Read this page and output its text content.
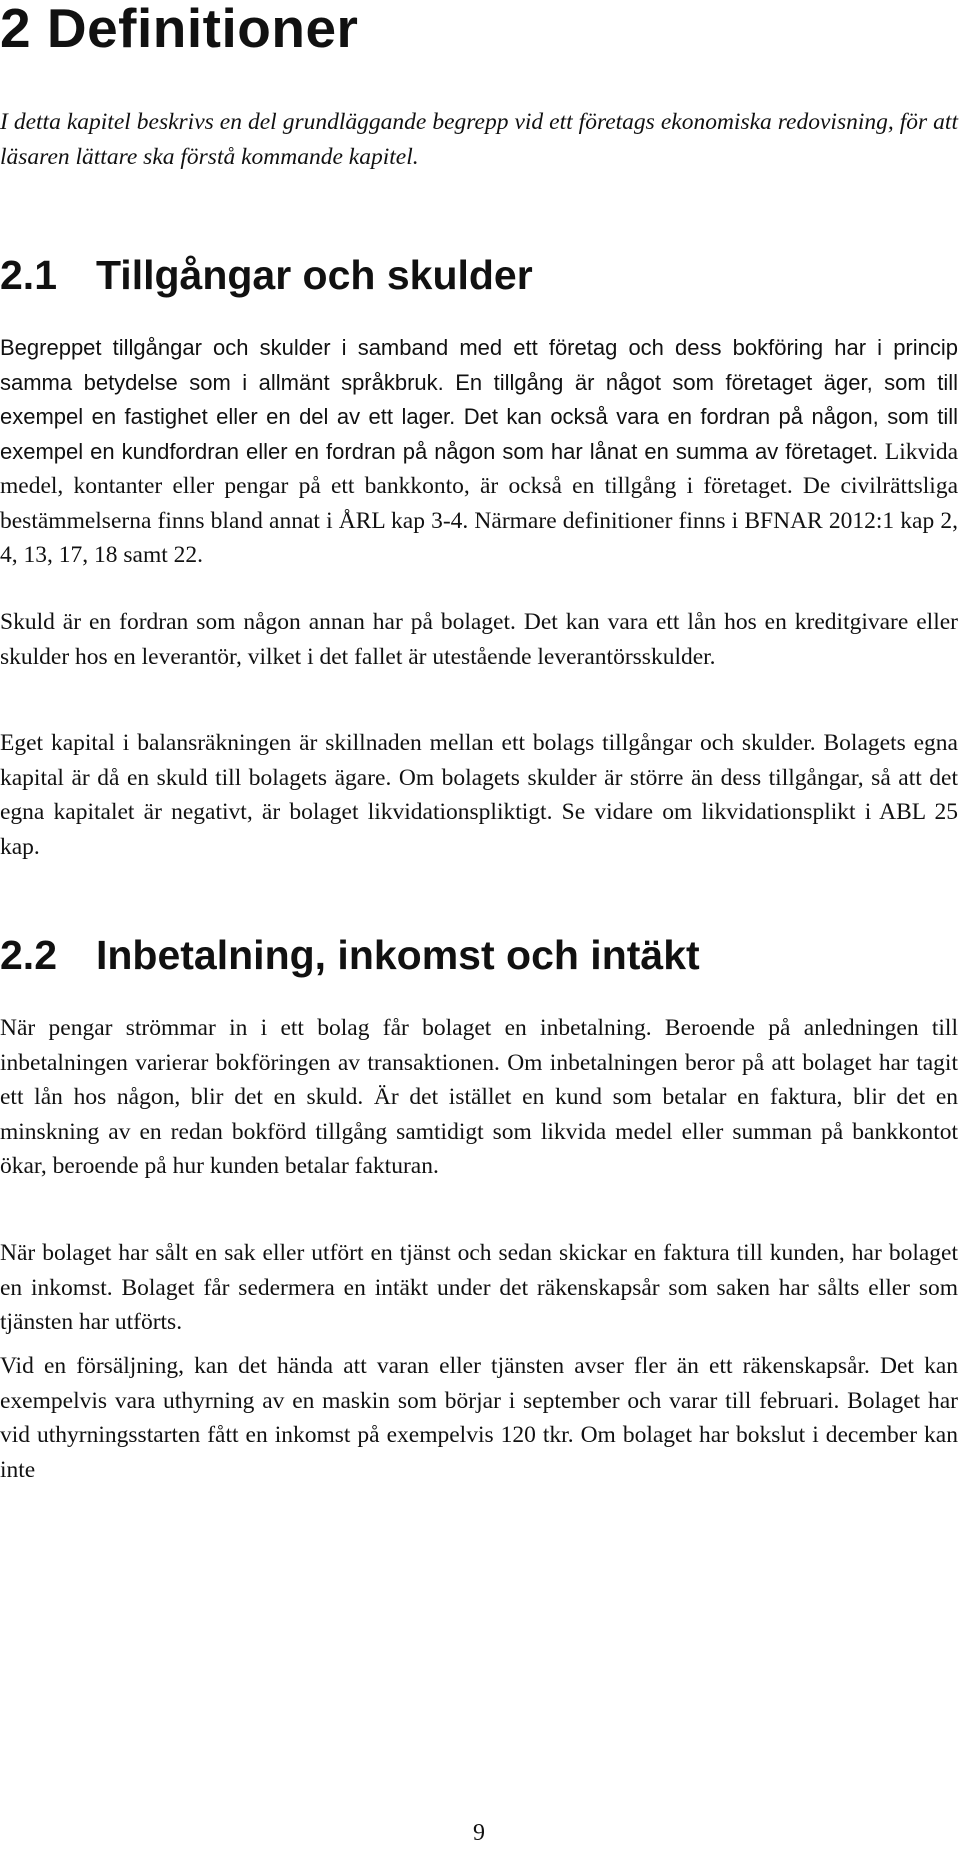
2 Definitioner

I detta kapitel beskrivs en del grundläggande begrepp vid ett företags ekonomiska redovisning, för att läsaren lättare ska förstå kommande kapitel.

2.1 Tillgångar och skulder

Begreppet tillgångar och skulder i samband med ett företag och dess bokföring har i princip samma betydelse som i allmänt språkbruk. En tillgång är något som företaget äger, som till exempel en fastighet eller en del av ett lager. Det kan också vara en fordran på någon, som till exempel en kundfordran eller en fordran på någon som har lånat en summa av företaget. Likvida medel, kontanter eller pengar på ett bankkonto, är också en tillgång i företaget. De civilrättsliga bestämmelserna finns bland annat i ÅRL kap 3-4. Närmare definitioner finns i BFNAR 2012:1 kap 2, 4, 13, 17, 18 samt 22.

Skuld är en fordran som någon annan har på bolaget. Det kan vara ett lån hos en kreditgivare eller skulder hos en leverantör, vilket i det fallet är utestående leverantörsskulder.

Eget kapital i balansräkningen är skillnaden mellan ett bolags tillgångar och skulder. Bolagets egna kapital är då en skuld till bolagets ägare. Om bolagets skulder är större än dess tillgångar, så att det egna kapitalet är negativt, är bolaget likvidationspliktigt. Se vidare om likvidationsplikt i ABL 25 kap.

2.2 Inbetalning, inkomst och intäkt

När pengar strömmar in i ett bolag får bolaget en inbetalning. Beroende på anledningen till inbetalningen varierar bokföringen av transaktionen. Om inbetalningen beror på att bolaget har tagit ett lån hos någon, blir det en skuld. Är det istället en kund som betalar en faktura, blir det en minskning av en redan bokförd tillgång samtidigt som likvida medel eller summan på bankkontot ökar, beroende på hur kunden betalar fakturan.

När bolaget har sålt en sak eller utfört en tjänst och sedan skickar en faktura till kunden, har bolaget en inkomst. Bolaget får sedermera en intäkt under det räkenskapsår som saken har sålts eller som tjänsten har utförts.

Vid en försäljning, kan det hända att varan eller tjänsten avser fler än ett räkenskapsår. Det kan exempelvis vara uthyrning av en maskin som börjar i september och varar till februari. Bolaget har vid uthyrningsstarten fått en inkomst på exempelvis 120 tkr. Om bolaget har bokslut i december kan inte

9
